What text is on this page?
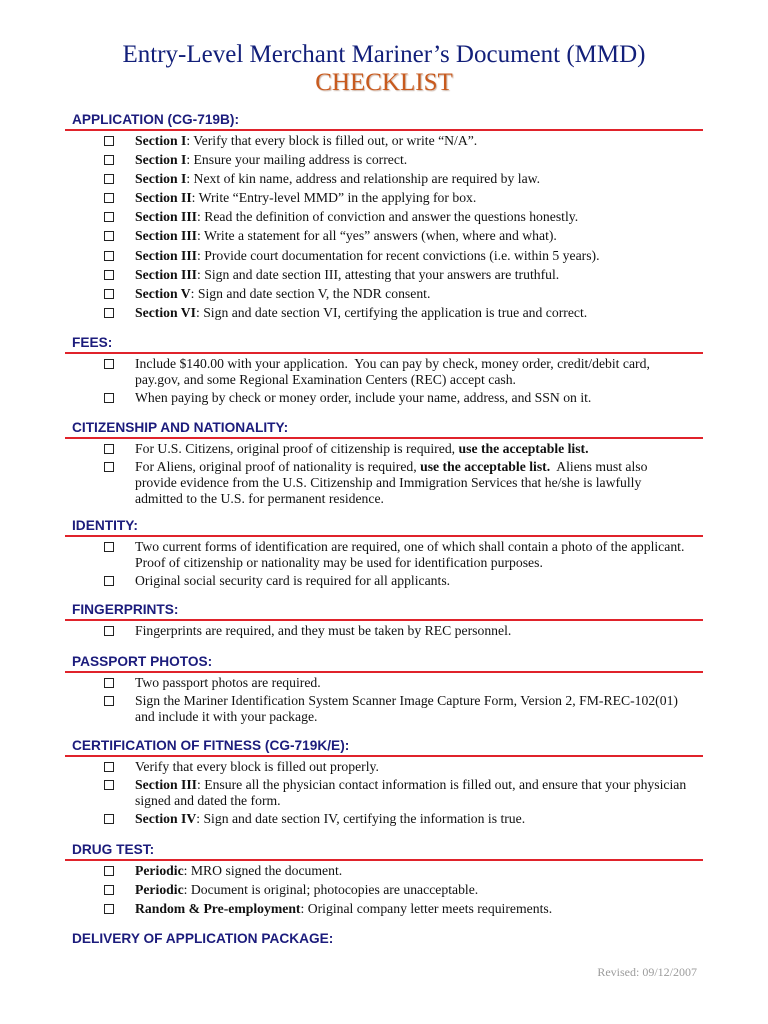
Entry-Level Merchant Mariner’s Document (MMD)
CHECKLIST
APPLICATION (CG-719B):
Section I: Verify that every block is filled out, or write “N/A”.
Section I: Ensure your mailing address is correct.
Section I: Next of kin name, address and relationship are required by law.
Section II: Write “Entry-level MMD” in the applying for box.
Section III: Read the definition of conviction and answer the questions honestly.
Section III: Write a statement for all “yes” answers (when, where and what).
Section III: Provide court documentation for recent convictions (i.e. within 5 years).
Section III: Sign and date section III, attesting that your answers are truthful.
Section V: Sign and date section V, the NDR consent.
Section VI: Sign and date section VI, certifying the application is true and correct.
FEES:
Include $140.00 with your application.  You can pay by check, money order, credit/debit card,
pay.gov, and some Regional Examination Centers (REC) accept cash.
When paying by check or money order, include your name, address, and SSN on it.
CITIZENSHIP AND NATIONALITY:
For U.S. Citizens, original proof of citizenship is required, use the acceptable list.
For Aliens, original proof of nationality is required, use the acceptable list.  Aliens must also
provide evidence from the U.S. Citizenship and Immigration Services that he/she is lawfully
admitted to the U.S. for permanent residence.
IDENTITY:
Two current forms of identification are required, one of which shall contain a photo of the applicant.
Proof of citizenship or nationality may be used for identification purposes.
Original social security card is required for all applicants.
FINGERPRINTS:
Fingerprints are required, and they must be taken by REC personnel.
PASSPORT PHOTOS:
Two passport photos are required.
Sign the Mariner Identification System Scanner Image Capture Form, Version 2, FM-REC-102(01)
and include it with your package.
CERTIFICATION OF FITNESS (CG-719K/E):
Verify that every block is filled out properly.
Section III: Ensure all the physician contact information is filled out, and ensure that your physician
signed and dated the form.
Section IV: Sign and date section IV, certifying the information is true.
DRUG TEST:
Periodic: MRO signed the document.
Periodic: Document is original; photocopies are unacceptable.
Random & Pre-employment: Original company letter meets requirements.
DELIVERY OF APPLICATION PACKAGE:

Revised: 09/12/2007
